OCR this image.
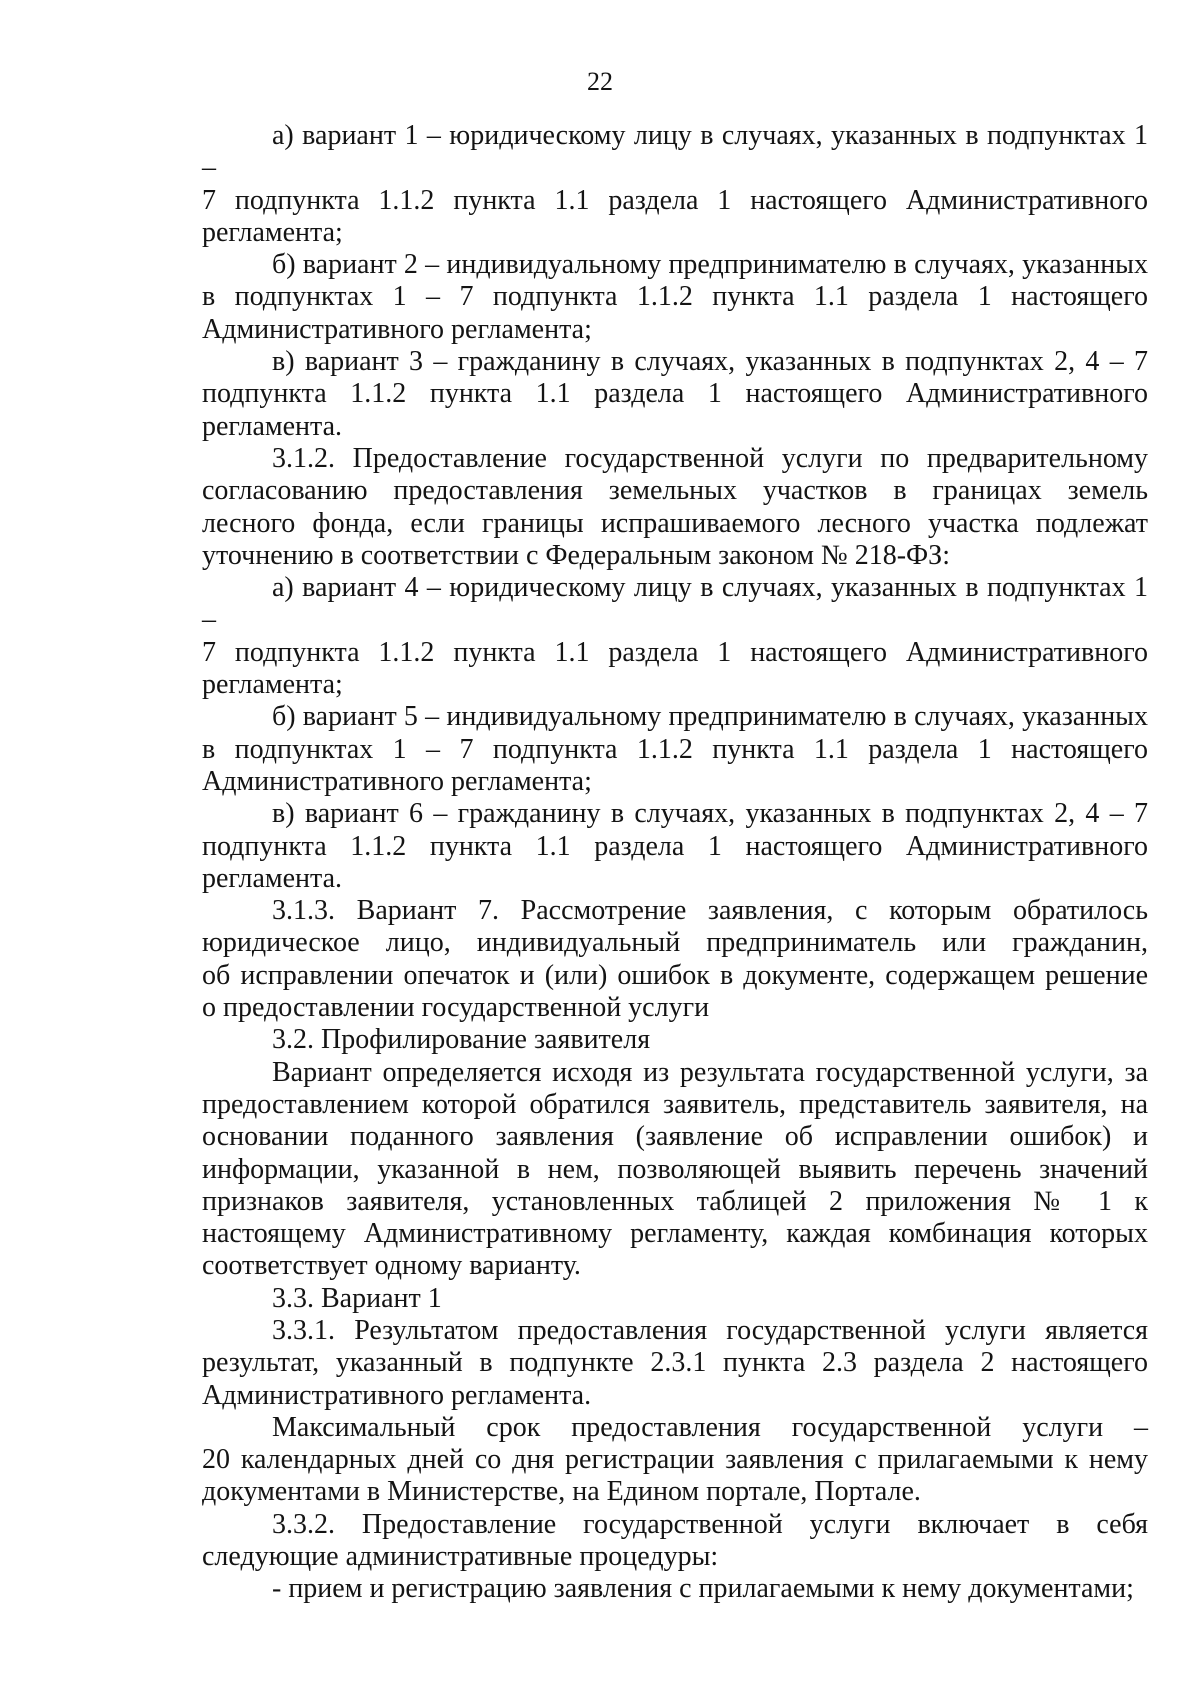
22
а) вариант 1 – юридическому лицу в случаях, указанных в подпунктах 1 –
7 подпункта 1.1.2 пункта 1.1 раздела 1 настоящего Административного
регламента;
б) вариант 2 – индивидуальному предпринимателю в случаях, указанных
в подпунктах 1 – 7 подпункта 1.1.2 пункта 1.1 раздела 1 настоящего
Административного регламента;
в) вариант 3 – гражданину в случаях, указанных в подпунктах 2, 4 – 7
подпункта 1.1.2 пункта 1.1 раздела 1 настоящего Административного
регламента.
3.1.2. Предоставление государственной услуги по предварительному
согласованию предоставления земельных участков в границах земель
лесного фонда, если границы испрашиваемого лесного участка подлежат
уточнению в соответствии с Федеральным законом № 218-ФЗ:
а) вариант 4 – юридическому лицу в случаях, указанных в подпунктах 1 –
7 подпункта 1.1.2 пункта 1.1 раздела 1 настоящего Административного
регламента;
б) вариант 5 – индивидуальному предпринимателю в случаях, указанных
в подпунктах 1 – 7 подпункта 1.1.2 пункта 1.1 раздела 1 настоящего
Административного регламента;
в) вариант 6 – гражданину в случаях, указанных в подпунктах 2, 4 – 7
подпункта 1.1.2 пункта 1.1 раздела 1 настоящего Административного
регламента.
3.1.3. Вариант 7. Рассмотрение заявления, с которым обратилось
юридическое лицо, индивидуальный предприниматель или гражданин,
об исправлении опечаток и (или) ошибок в документе, содержащем решение
о предоставлении государственной услуги
3.2. Профилирование заявителя
Вариант определяется исходя из результата государственной услуги, за
предоставлением которой обратился заявитель, представитель заявителя, на
основании поданного заявления (заявление об исправлении ошибок) и
информации, указанной в нем, позволяющей выявить перечень значений
признаков заявителя, установленных таблицей 2 приложения № 1 к
настоящему Административному регламенту, каждая комбинация которых
соответствует одному варианту.
3.3. Вариант 1
3.3.1. Результатом предоставления государственной услуги является
результат, указанный в подпункте 2.3.1 пункта 2.3 раздела 2 настоящего
Административного регламента.
Максимальный срок предоставления государственной услуги –
20 календарных дней со дня регистрации заявления с прилагаемыми к нему
документами в Министерстве, на Едином портале, Портале.
3.3.2. Предоставление государственной услуги включает в себя
следующие административные процедуры:
- прием и регистрацию заявления с прилагаемыми к нему документами;
